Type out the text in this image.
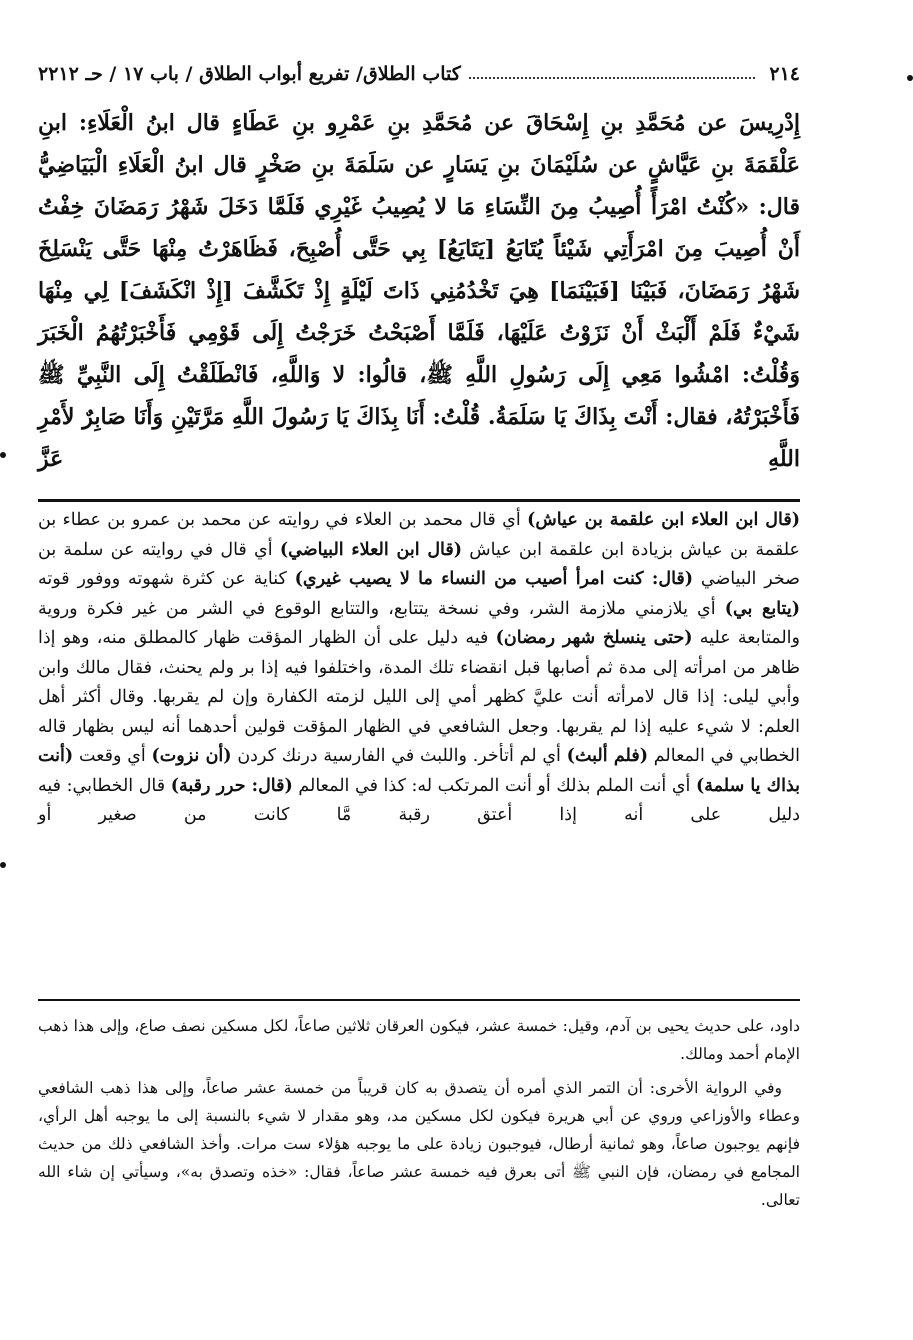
٢١٤
كتاب الطلاق/ تفريع أبواب الطلاق / باب ١٧ / حـ ٢٢١٢

إِدْرِيسَ عن مُحَمَّدِ بنِ إِسْحَاقَ عن مُحَمَّدِ بنِ عَمْرِو بنِ عَطَاءٍ قال ابنُ الْعَلَاءِ: ابنِ عَلْقَمَةَ بنِ عَيَّاشٍ عن سُلَيْمَانَ بنِ يَسَارٍ عن سَلَمَةَ بنِ صَخْرٍ قال ابنُ الْعَلَاءِ الْبَيَاضِيُّ قال: «كُنْتُ امْرَأً أُصِيبُ مِنَ النِّسَاءِ مَا لا يُصِيبُ غَيْرِي فَلَمَّا دَخَلَ شَهْرُ رَمَضَانَ خِفْتُ أَنْ أُصِيبَ مِنَ امْرَأَتِي شَيْئاً يُتَابَعُ [يَتَايَعُ] بِي حَتَّى أُصْبِحَ، فَظَاهَرْتُ مِنْهَا حَتَّى يَنْسَلِخَ شَهْرُ رَمَضَانَ، فَبَيْنَا [فَبَيْنَمَا] هِيَ تَخْدُمُنِي ذَاتَ لَيْلَةٍ إِذْ تَكَشَّفَ [إِذْ انْكَشَفَ] لِي مِنْهَا شَيْءٌ فَلَمْ أَلْبَثْ أَنْ نَزَوْتُ عَلَيْهَا، فَلَمَّا أَصْبَحْتُ خَرَجْتُ إِلَى قَوْمِي فَأَخْبَرْتُهُمُ الْخَبَرَ وَقُلْتُ: امْشُوا مَعِي إِلَى رَسُولِ اللَّهِ ﷺ، قالُوا: لا وَاللَّهِ، فَانْطَلَقْتُ إِلَى النَّبِيِّ ﷺ فَأَخْبَرْتُهُ، فقال: أَنْتَ بِذَاكَ يَا سَلَمَةُ. قُلْتُ: أَنَا بِذَاكَ يَا رَسُولَ اللَّهِ مَرَّتَيْنِ وَأَنَا صَابِرٌ لأَمْرِ اللَّهِ عَزَّ

(قال ابن العلاء ابن علقمة بن عياش) أي قال محمد بن العلاء في روايته عن محمد بن عمرو بن عطاء بن علقمة بن عياش بزيادة ابن علقمة ابن عياش (قال ابن العلاء البياضي) أي قال في روايته عن سلمة بن صخر البياضي (قال: كنت امرأ أصيب من النساء ما لا يصيب غيري) كناية عن كثرة شهوته ووفور قوته (يتابع بي) أي يلازمني ملازمة الشر، وفي نسخة يتتابع، والتتابع الوقوع في الشر من غير فكرة وروية والمتابعة عليه (حتى ينسلخ شهر رمضان) فيه دليل على أن الظهار المؤقت ظهار كالمطلق منه، وهو إذا ظاهر من امرأته إلى مدة ثم أصابها قبل انقضاء تلك المدة، واختلفوا فيه إذا بر ولم يحنث، فقال مالك وابن وأبي ليلى: إذا قال لامرأته أنت عليَّ كظهر أمي إلى الليل لزمته الكفارة وإن لم يقربها. وقال أكثر أهل العلم: لا شيء عليه إذا لم يقربها. وجعل الشافعي في الظهار المؤقت قولين أحدهما أنه ليس بظهار قاله الخطابي في المعالم (فلم ألبث) أي لم أتأخر. واللبث في الفارسية درنك كردن (أن نزوت) أي وقعت (أنت بذاك يا سلمة) أي أنت الملم بذلك أو أنت المرتكب له: كذا في المعالم (قال: حرر رقبة) قال الخطابي: فيه دليل على أنه إذا أعتق رقبة مَّا كانت من صغير أو

داود، على حديث يحيى بن آدم، وقيل: خمسة عشر، فيكون العرقان ثلاثين صاعاً، لكل مسكين نصف صاع، وإلى هذا ذهب الإمام أحمد ومالك.

وفي الرواية الأخرى: أن التمر الذي أمره أن يتصدق به كان قريباً من خمسة عشر صاعاً، وإلى هذا ذهب الشافعي وعطاء والأوزاعي وروي عن أبي هريرة فيكون لكل مسكين مد، وهو مقدار لا شيء بالنسبة إلى ما يوجبه أهل الرأي، فإنهم يوجبون صاعاً، وهو ثمانية أرطال، فيوجبون زيادة على ما يوجبه هؤلاء ست مرات. وأخذ الشافعي ذلك من حديث المجامع في رمضان، فإن النبي ﷺ أتى بعرق فيه خمسة عشر صاعاً، فقال: «خذه وتصدق به»، وسيأتي إن شاء الله تعالى.
